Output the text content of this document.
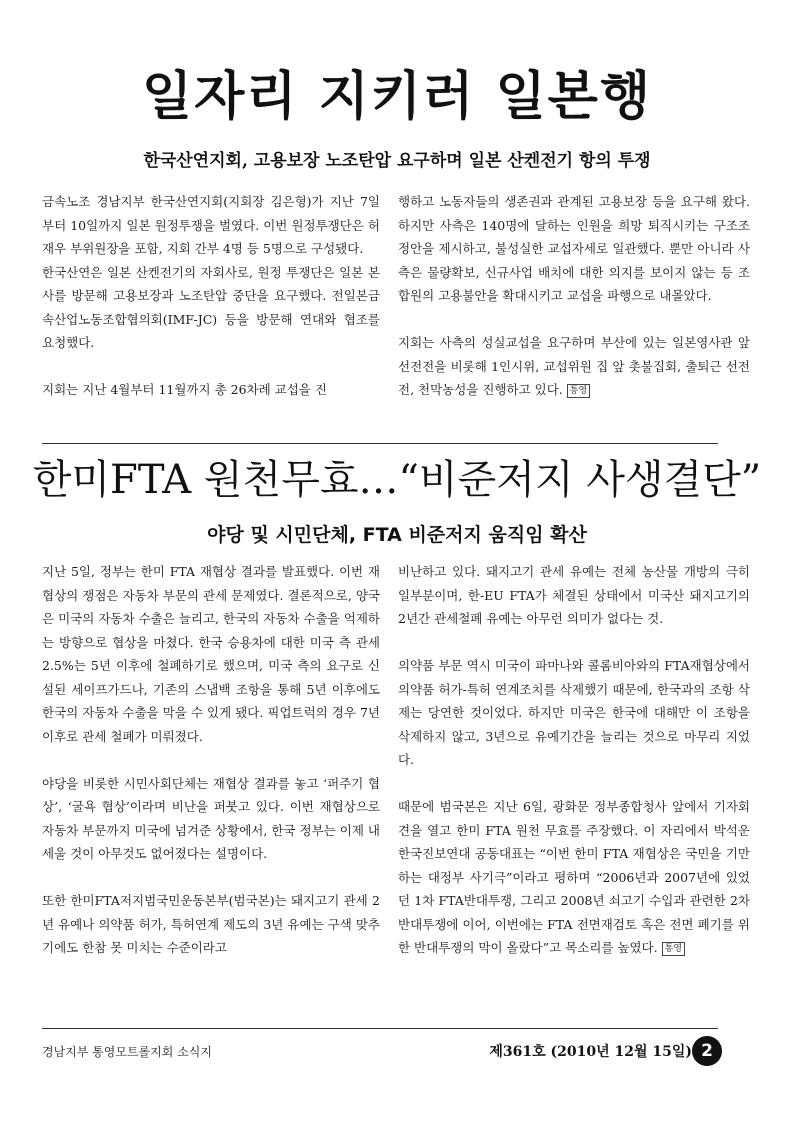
일자리 지키러 일본행
한국산연지회, 고용보장 노조탄압 요구하며 일본 산켄전기 항의 투쟁

금속노조 경남지부 한국산연지회(지회장 김은형)가 지난 7일부터 10일까지 일본 원정투쟁을 벌였다. 이번 원정투쟁단은 허재우 부위원장을 포함, 지회 간부 4명 등 5명으로 구성됐다.

한국산연은 일본 산켄전기의 자회사로, 원정 투쟁단은 일본 본사를 방문해 고용보장과 노조탄압 중단을 요구했다. 전일본금속산업노동조합협의회(IMF-JC) 등을 방문해 연대와 협조를 요청했다.

지회는 지난 4월부터 11월까지 총 26차례 교섭을 진

행하고 노동자들의 생존권과 관계된 고용보장 등을 요구해 왔다. 하지만 사측은 140명에 달하는 인원을 희망 퇴직시키는 구조조정안을 제시하고, 불성실한 교섭자세로 일관했다. 뿐만 아니라 사측은 물량확보, 신규사업 배치에 대한 의지를 보이지 않는 등 조합원의 고용불안을 확대시키고 교섭을 파행으로 내몰았다.

지회는 사측의 성실교섭을 요구하며 부산에 있는 일본영사관 앞 선전전을 비롯해 1인시위, 교섭위원 집 앞 촛불집회, 출퇴근 선전전, 천막농성을 진행하고 있다. 통영

한미FTA 원천무효…“비준저지 사생결단”
야당 및 시민단체, FTA 비준저지 움직임 확산

지난 5일, 정부는 한미 FTA 재협상 결과를 발표했다. 이번 재협상의 쟁점은 자동차 부문의 관세 문제였다. 결론적으로, 양국은 미국의 자동차 수출은 늘리고, 한국의 자동차 수출을 억제하는 방향으로 협상을 마쳤다. 한국 승용차에 대한 미국 측 관세 2.5%는 5년 이후에 철폐하기로 했으며, 미국 측의 요구로 신설된 세이프가드나, 기존의 스냅백 조항을 통해 5년 이후에도 한국의 자동차 수출을 막을 수 있게 됐다. 픽업트럭의 경우 7년 이후로 관세 철폐가 미뤄졌다.

야당을 비롯한 시민사회단체는 재협상 결과를 놓고 ‘퍼주기 협상’, ‘굴욕 협상’이라며 비난을 퍼붓고 있다. 이번 재협상으로 자동차 부문까지 미국에 넘겨준 상황에서, 한국 정부는 이제 내세울 것이 아무것도 없어졌다는 설명이다.

또한 한미FTA저지범국민운동본부(범국본)는 돼지고기 관세 2년 유예나 의약품 허가, 특허연계 제도의 3년 유예는 구색 맞추기에도 한참 못 미치는 수준이라고

비난하고 있다. 돼지고기 관세 유예는 전체 농산물 개방의 극히 일부분이며, 한-EU FTA가 체결된 상태에서 미국산 돼지고기의 2년간 관세철폐 유예는 아무런 의미가 없다는 것.

의약품 부문 역시 미국이 파마나와 콜롬비아와의 FTA재협상에서 의약품 허가-특허 연계조치를 삭제했기 때문에, 한국과의 조항 삭제는 당연한 것이었다. 하지만 미국은 한국에 대해만 이 조항을 삭제하지 않고, 3년으로 유예기간을 늘리는 것으로 마무리 지었다.

때문에 범국본은 지난 6일, 광화문 정부종합청사 앞에서 기자회견을 열고 한미 FTA 원천 무효를 주장했다. 이 자리에서 박석운 한국진보연대 공동대표는 “이번 한미 FTA 재협상은 국민을 기만하는 대정부 사기극”이라고 평하며 “2006년과 2007년에 있었던 1차 FTA반대투쟁, 그리고 2008년 쇠고기 수입과 관련한 2차 반대투쟁에 이어, 이번에는 FTA 전면재검토 혹은 전면 폐기를 위한 반대투쟁의 막이 올랐다”고 목소리를 높였다. 통영

경남지부 통영모트롤지회 소식지	제361호 (2010년 12월 15일) 2
